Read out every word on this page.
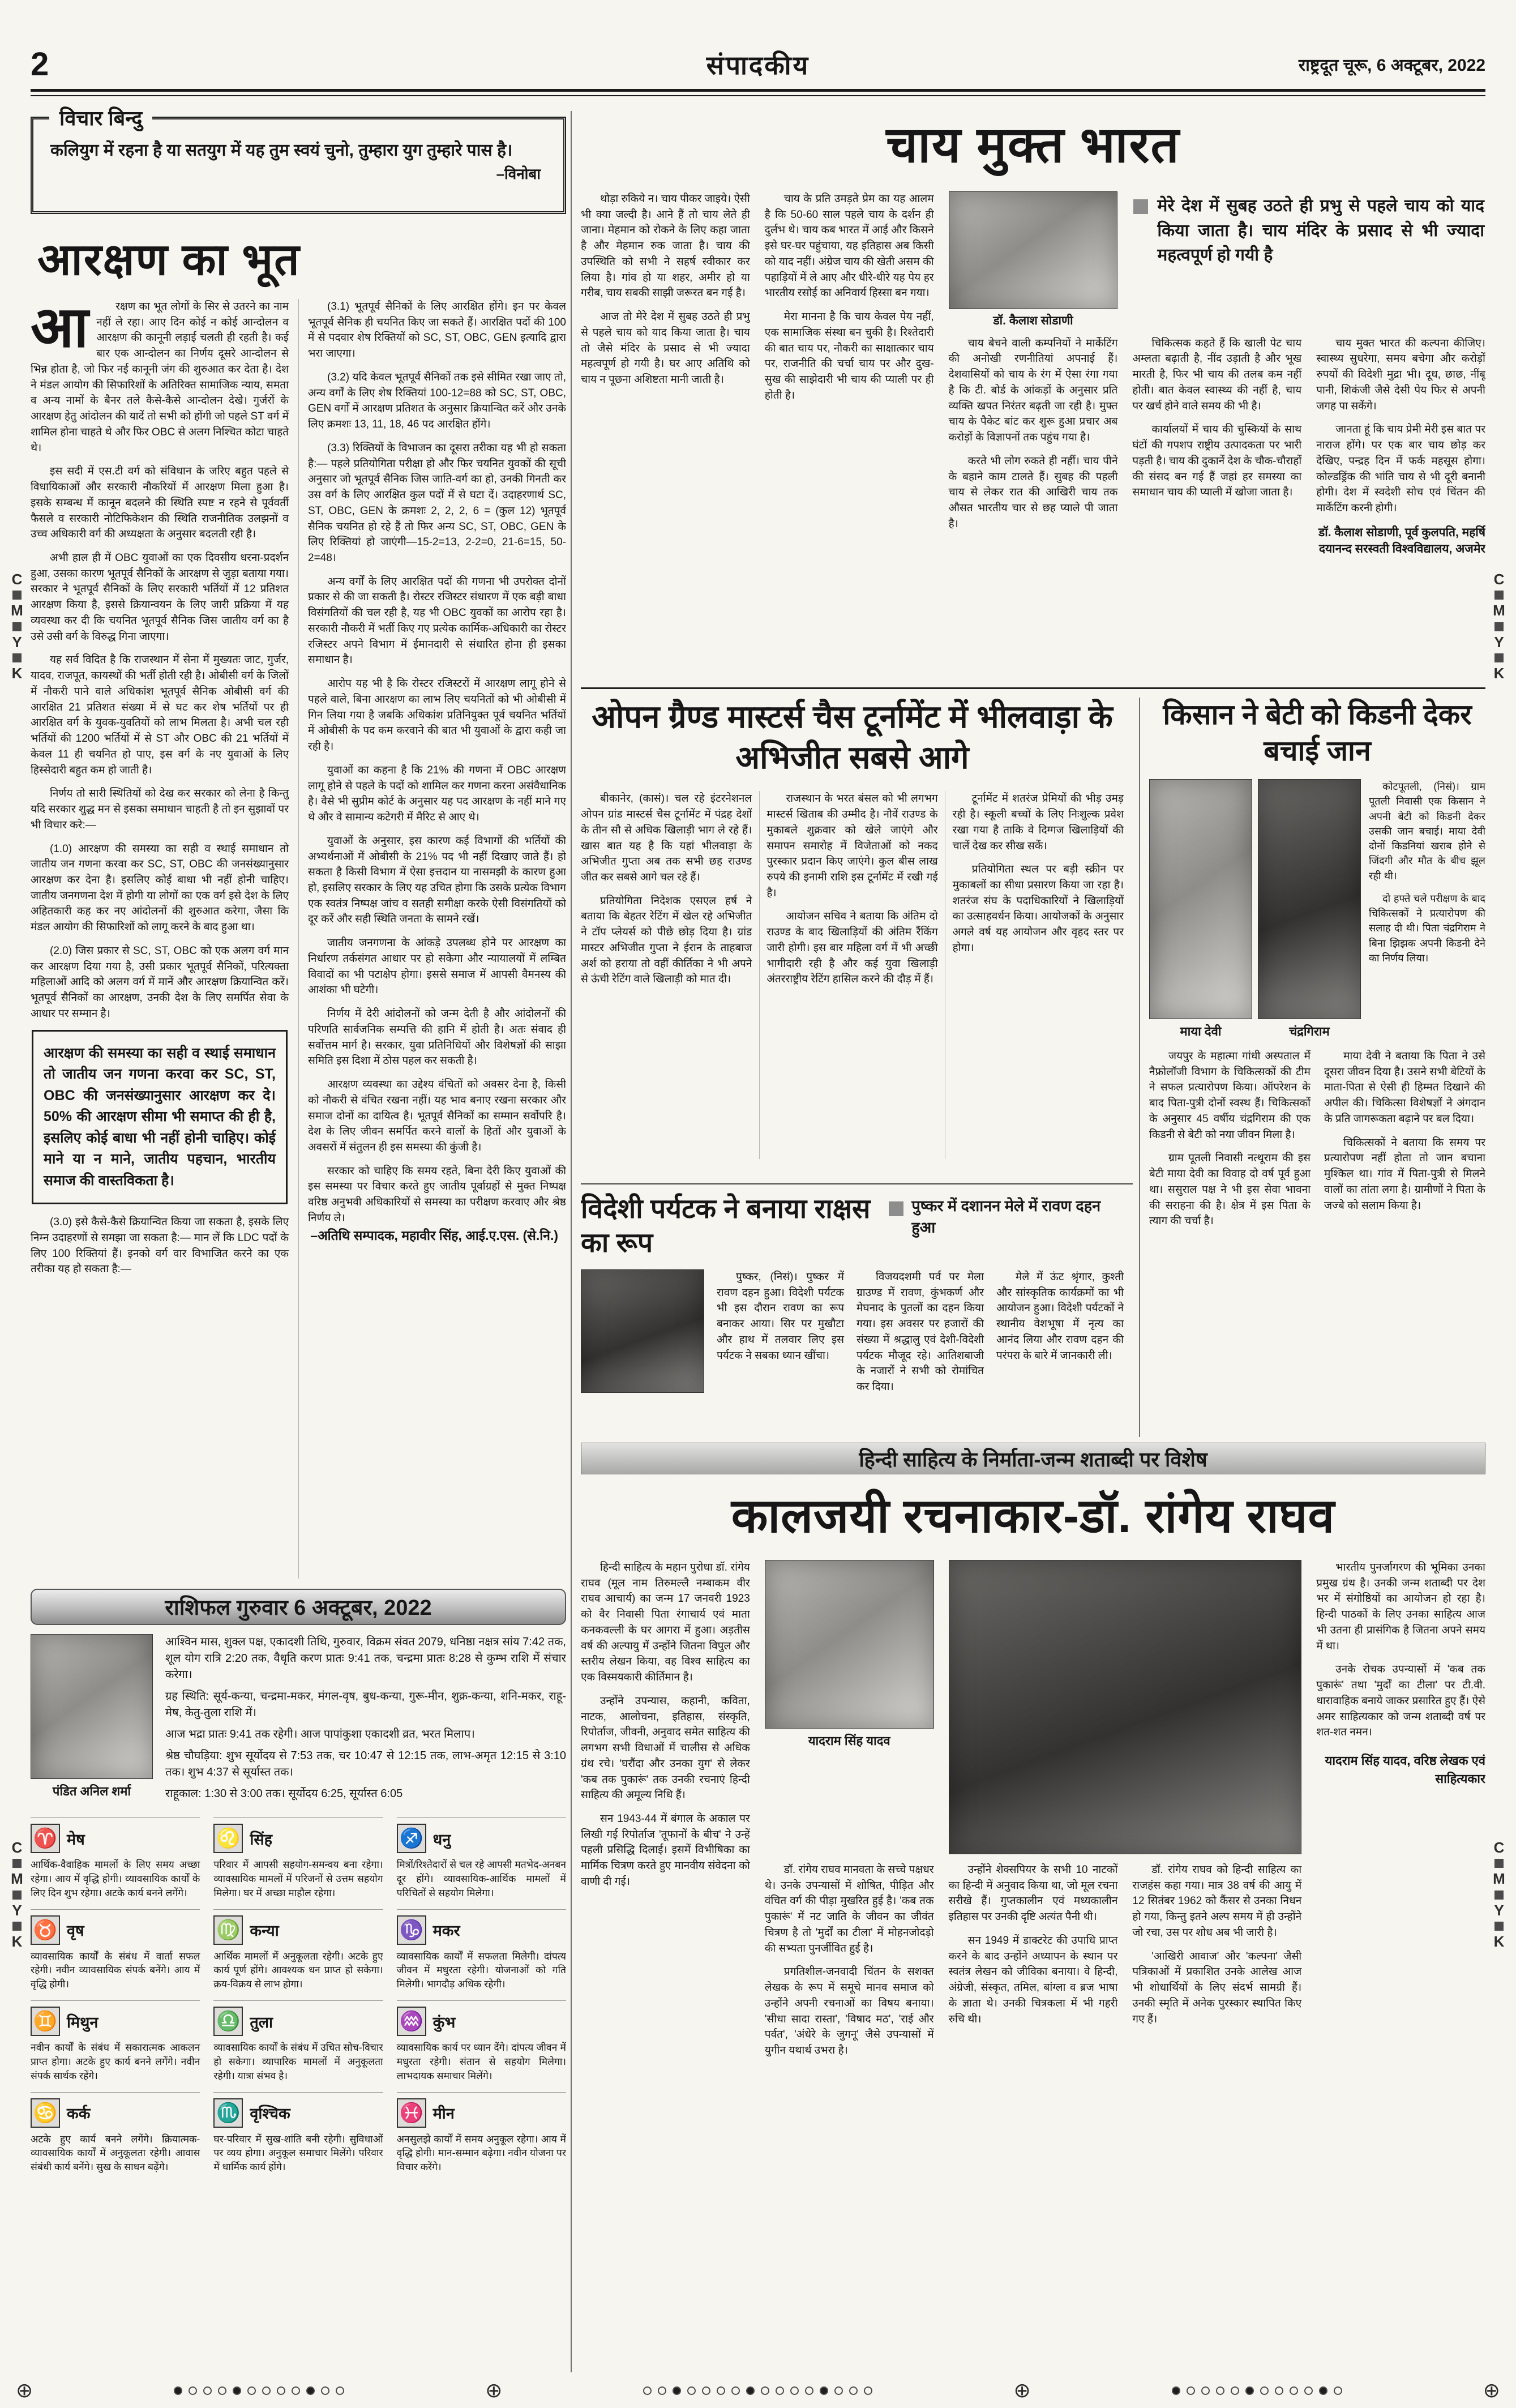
2	संपादकीय	राष्ट्रदूत चूरू, 6 अक्टूबर, 2022
विचार बिन्दु
कलियुग में रहना है या सतयुग में यह तुम स्वयं चुनो, तुम्हारा युग तुम्हारे पास है।
–विनोबा
आरक्षण का भूत
आ	रक्षण का भूत लोगों के सिर से उतरने का नाम नहीं ले रहा। आए दिन कोई न कोई आन्दोलन व आरक्षण की कानूनी लड़ाई चलती ही रहती है। कई बार एक आन्दोलन का निर्णय दूसरे आन्दोलन से भिन्न होता है, जो फिर नई कानूनी जंग की शुरुआत कर देता है। देश ने मंडल आयोग की सिफारिशों के अतिरिक्त सामाजिक न्याय, समता व अन्य नामों के बैनर तले कैसे-कैसे आन्दोलन देखे। गुर्जरों के आरक्षण हेतु आंदोलन की यादें तो सभी को होंगी जो पहले ST वर्ग में शामिल होना चाहते थे और फिर OBC से अलग निश्चित कोटा चाहते थे।

इस सदी में एस.टी वर्ग को संविधान के जरिए बहुत पहले से विधायिकाओं और सरकारी नौकरियों में आरक्षण मिला हुआ है। इसके सम्बन्ध में कानून बदलने की स्थिति स्पष्ट न रहने से पूर्ववर्ती फैसले व सरकारी नोटिफिकेशन की स्थिति राजनीतिक उलझनों व उच्च अधिकारी वर्ग की अध्यक्षता के अनुसार बदलती रही है।

अभी हाल ही में OBC युवाओं का एक दिवसीय धरना-प्रदर्शन हुआ, उसका कारण भूतपूर्व सैनिकों के आरक्षण से जुड़ा बताया गया। सरकार ने भूतपूर्व सैनिकों के लिए सरकारी भर्तियों में 12 प्रतिशत आरक्षण किया है, इससे क्रियान्वयन के लिए जारी प्रक्रिया में यह व्यवस्था कर दी कि चयनित भूतपूर्व सैनिक जिस जातीय वर्ग का है उसे उसी वर्ग के विरुद्ध गिना जाएगा।

यह सर्व विदित है कि राजस्थान में सेना में मुख्यतः जाट, गुर्जर, यादव, राजपूत, कायस्थों की भर्ती होती रही है। ओबीसी वर्ग के जिलों में नौकरी पाने वाले अधिकांश भूतपूर्व सैनिक ओबीसी वर्ग की आरक्षित 21 प्रतिशत संख्या में से घट कर शेष भर्तियों पर ही आरक्षित वर्ग के युवक-युवतियों को लाभ मिलता है। अभी चल रही भर्तियों की 1200 भर्तियों में से ST और OBC की 21 भर्तियों में केवल 11 ही चयनित हो पाए, इस वर्ग के नए युवाओं के लिए हिस्सेदारी बहुत कम हो जाती है।

निर्णय तो सारी स्थितियों को देख कर सरकार को लेना है किन्तु यदि सरकार शुद्ध मन से इसका समाधान चाहती है तो इन सुझावों पर भी विचार करे:—

(1.0) आरक्षण की समस्या का सही व स्थाई समाधान तो जातीय जन गणना करवा कर SC, ST, OBC की जनसंख्यानुसार आरक्षण कर देना है। इसलिए कोई बाधा भी नहीं होनी चाहिए। जातीय जनगणना देश में होगी या लोगों का एक वर्ग इसे देश के लिए अहितकारी कह कर नए आंदोलनों की शुरुआत करेगा, जैसा कि मंडल आयोग की सिफारिशों को लागू करने के बाद हुआ था।

(2.0) जिस प्रकार से SC, ST, OBC को एक अलग वर्ग मान कर आरक्षण दिया गया है, उसी प्रकार भूतपूर्व सैनिकों, परित्यक्ता महिलाओं आदि को अलग वर्ग में मानें और आरक्षण क्रियान्वित करें। भूतपूर्व सैनिकों का आरक्षण, उनकी देश के लिए समर्पित सेवा के आधार पर सम्मान है।

आरक्षण की समस्या का सही व स्थाई समाधान तो जातीय जन गणना करवा कर SC, ST, OBC की जनसंख्यानुसार आरक्षण कर दे। 50% की आरक्षण सीमा भी समाप्त की ही है, इसलिए कोई बाधा भी नहीं होनी चाहिए। कोई माने या न माने, जातीय पहचान, भारतीय समाज की वास्तविकता है।

(3.0) इसे कैसे-कैसे क्रियान्वित किया जा सकता है, इसके लिए निम्न उदाहरणों से समझा जा सकता है:— मान लें कि LDC पदों के लिए 100 रिक्तियां हैं। इनको वर्ग वार विभाजित करने का एक तरीका यह हो सकता है:—

(3.1) भूतपूर्व सैनिकों के लिए आरक्षित होंगे। इन पर केवल भूतपूर्व सैनिक ही चयनित किए जा सकते हैं। आरक्षित पदों की 100 में से पदवार शेष रिक्तियों को SC, ST, OBC, GEN इत्यादि द्वारा भरा जाएगा।

(3.2) यदि केवल भूतपूर्व सैनिकों तक इसे सीमित रखा जाए तो, अन्य वर्गों के लिए शेष रिक्तियां 100-12=88 को SC, ST, OBC, GEN वर्गों में आरक्षण प्रतिशत के अनुसार क्रियान्वित करें और उनके लिए क्रमशः 13, 11, 18, 46 पद आरक्षित होंगे।

(3.3) रिक्तियों के विभाजन का दूसरा तरीका यह भी हो सकता है:— पहले प्रतियोगिता परीक्षा हो और फिर चयनित युवकों की सूची अनुसार जो भूतपूर्व सैनिक जिस जाति-वर्ग का हो, उनकी गिनती कर उस वर्ग के लिए आरक्षित कुल पदों में से घटा दें। उदाहरणार्थ SC, ST, OBC, GEN के क्रमशः 2, 2, 2, 6 = (कुल 12) भूतपूर्व सैनिक चयनित हो रहे हैं तो फिर अन्य SC, ST, OBC, GEN के लिए रिक्तियां हो जाएंगी—15-2=13, 2-2=0, 21-6=15, 50-2=48।

अन्य वर्गों के लिए आरक्षित पदों की गणना भी उपरोक्त दोनों प्रकार से की जा सकती है। रोस्टर रजिस्टर संधारण में एक बड़ी बाधा विसंगतियों की चल रही है, यह भी OBC युवकों का आरोप रहा है। सरकारी नौकरी में भर्ती किए गए प्रत्येक कार्मिक-अधिकारी का रोस्टर रजिस्टर अपने विभाग में ईमानदारी से संधारित होना ही इसका समाधान है।

आरोप यह भी है कि रोस्टर रजिस्टरों में आरक्षण लागू होने से पहले वाले, बिना आरक्षण का लाभ लिए चयनितों को भी ओबीसी में गिन लिया गया है जबकि अधिकांश प्रतिनियुक्त पूर्व चयनित भर्तियों में ओबीसी के पद कम करवाने की बात भी युवाओं के द्वारा कही जा रही है।

युवाओं का कहना है कि 21% की गणना में OBC आरक्षण लागू होने से पहले के पदों को शामिल कर गणना करना असंवैधानिक है। वैसे भी सुप्रीम कोर्ट के अनुसार यह पद आरक्षण के नहीं माने गए थे और वे सामान्य कटेगरी में मैरिट से आए थे।

युवाओं के अनुसार, इस कारण कई विभागों की भर्तियों की अभ्यर्थनाओं में ओबीसी के 21% पद भी नहीं दिखाए जाते हैं। हो सकता है किसी विभाग में ऐसा इत्तदान या नासमझी के कारण हुआ हो, इसलिए सरकार के लिए यह उचित होगा कि उसके प्रत्येक विभाग एक स्वतंत्र निष्पक्ष जांच व सतही समीक्षा करके ऐसी विसंगतियों को दूर करें और सही स्थिति जनता के सामने रखें।

जातीय जनगणना के आंकड़े उपलब्ध होने पर आरक्षण का निर्धारण तर्कसंगत आधार पर हो सकेगा और न्यायालयों में लम्बित विवादों का भी पटाक्षेप होगा। इससे समाज में आपसी वैमनस्य की आशंका भी घटेगी।

निर्णय में देरी आंदोलनों को जन्म देती है और आंदोलनों की परिणति सार्वजनिक सम्पत्ति की हानि में होती है। अतः संवाद ही सर्वोत्तम मार्ग है। सरकार, युवा प्रतिनिधियों और विशेषज्ञों की साझा समिति इस दिशा में ठोस पहल कर सकती है।

आरक्षण व्यवस्था का उद्देश्य वंचितों को अवसर देना है, किसी को नौकरी से वंचित रखना नहीं। यह भाव बनाए रखना सरकार और समाज दोनों का दायित्व है। भूतपूर्व सैनिकों का सम्मान सर्वोपरि है। देश के लिए जीवन समर्पित करने वालों के हितों और युवाओं के अवसरों में संतुलन ही इस समस्या की कुंजी है।

सरकार को चाहिए कि समय रहते, बिना देरी किए युवाओं की इस समस्या पर विचार करते हुए जातीय पूर्वाग्रहों से मुक्त निष्पक्ष वरिष्ठ अनुभवी अधिकारियों से समस्या का परीक्षण करवाए और श्रेष्ठ निर्णय ले।

–अतिथि सम्पादक, महावीर सिंह, आई.ए.एस. (से.नि.)
राशिफल गुरुवार 6 अक्टूबर, 2022
पंडित अनिल शर्मा

आश्विन मास, शुक्ल पक्ष, एकादशी तिथि, गुरुवार, विक्रम संवत 2079, धनिष्ठा नक्षत्र सांय 7:42 तक, शूल योग रात्रि 2:20 तक, वैधृति करण प्रातः 9:41 तक, चन्द्रमा प्रातः 8:28 से कुम्भ राशि में संचार करेगा।

ग्रह स्थिति: सूर्य-कन्या, चन्द्रमा-मकर, मंगल-वृष, बुध-कन्या, गुरू-मीन, शुक्र-कन्या, शनि-मकर, राहू-मेष, केतु-तुला राशि में।

आज भद्रा प्रातः 9:41 तक रहेगी। आज पापांकुशा एकादशी व्रत, भरत मिलाप।

श्रेष्ठ चौघड़िया: शुभ सूर्योदय से 7:53 तक, चर 10:47 से 12:15 तक, लाभ-अमृत 12:15 से 3:10 तक। शुभ 4:37 से सूर्यास्त तक।

राहूकाल: 1:30 से 3:00 तक। सूर्योदय 6:25, सूर्यास्त 6:05

♈ मेष
आर्थिक-वैवाहिक मामलों के लिए समय अच्छा रहेगा। आय में वृद्धि होगी। व्यावसायिक कार्यों के लिए दिन शुभ रहेगा। अटके कार्य बनने लगेंगे।
♌ सिंह
परिवार में आपसी सहयोग-समन्वय बना रहेगा। व्यावसायिक मामलों में परिजनों से उत्तम सहयोग मिलेगा। घर में अच्छा माहौल रहेगा।
♐ धनु
मित्रों/रिश्तेदारों से चल रहे आपसी मतभेद-अनबन दूर होंगे। व्यावसायिक-आर्थिक मामलों में परिचितों से सहयोग मिलेगा।
♉ वृष
व्यावसायिक कार्यों के संबंध में वार्ता सफल रहेगी। नवीन व्यावसायिक संपर्क बनेंगे। आय में वृद्धि होगी।
♍ कन्या
आर्थिक मामलों में अनुकूलता रहेगी। अटके हुए कार्य पूर्ण होंगे। आवश्यक धन प्राप्त हो सकेगा। क्रय-विक्रय से लाभ होगा।
♑ मकर
व्यावसायिक कार्यों में सफलता मिलेगी। दांपत्य जीवन में मधुरता रहेगी। योजनाओं को गति मिलेगी। भागदौड़ अधिक रहेगी।
♊ मिथुन
नवीन कार्यों के संबंध में सकारात्मक आकलन प्राप्त होगा। अटके हुए कार्य बनने लगेंगे। नवीन संपर्क सार्थक रहेंगे।
♎ तुला
व्यावसायिक कार्यों के संबंध में उचित सोच-विचार हो सकेगा। व्यापारिक मामलों में अनुकूलता रहेगी। यात्रा संभव है।
♒ कुंभ
व्यावसायिक कार्य पर ध्यान देंगे। दांपत्य जीवन में मधुरता रहेगी। संतान से सहयोग मिलेगा। लाभदायक समाचार मिलेंगे।
♋ कर्क
अटके हुए कार्य बनने लगेंगे। क्रियात्मक-व्यावसायिक कार्यों में अनुकूलता रहेगी। आवास संबंधी कार्य बनेंगे। सुख के साधन बढ़ेंगे।
♏ वृश्चिक
घर-परिवार में सुख-शांति बनी रहेगी। सुविधाओं पर व्यय होगा। अनुकूल समाचार मिलेंगे। परिवार में धार्मिक कार्य होंगे।
♓ मीन
अनसुलझे कार्यों में समय अनुकूल रहेगा। आय में वृद्धि होगी। मान-सम्मान बढ़ेगा। नवीन योजना पर विचार करेंगे।
चाय मुक्त भारत

थोड़ा रुकिये न। चाय पीकर जाइये। ऐसी भी क्या जल्दी है। आने हैं तो चाय लेते ही जाना। मेहमान को रोकने के लिए कहा जाता है और मेहमान रुक जाता है। चाय की उपस्थिति को सभी ने सहर्ष स्वीकार कर लिया है। गांव हो या शहर, अमीर हो या गरीब, चाय सबकी साझी जरूरत बन गई है।

आज तो मेरे देश में सुबह उठते ही प्रभु से पहले चाय को याद किया जाता है। चाय तो जैसे मंदिर के प्रसाद से भी ज्यादा महत्वपूर्ण हो गयी है। घर आए अतिथि को चाय न पूछना अशिष्टता मानी जाती है।

चाय के प्रति उमड़ते प्रेम का यह आलम है कि 50-60 साल पहले चाय के दर्शन ही दुर्लभ थे। चाय कब भारत में आई और किसने इसे घर-घर पहुंचाया, यह इतिहास अब किसी को याद नहीं। अंग्रेज चाय की खेती असम की पहाड़ियों में ले आए और धीरे-धीरे यह पेय हर भारतीय रसोई का अनिवार्य हिस्सा बन गया।

मेरा मानना है कि चाय केवल पेय नहीं, एक सामाजिक संस्था बन चुकी है। रिश्तेदारी की बात चाय पर, नौकरी का साक्षात्कार चाय पर, राजनीति की चर्चा चाय पर और दुख-सुख की साझेदारी भी चाय की प्याली पर ही होती है।

डॉ. कैलाश सोडाणी

चाय बेचने वाली कम्पनियों ने मार्केटिंग की अनोखी रणनीतियां अपनाई हैं। देशवासियों को चाय के रंग में ऐसा रंगा गया है कि टी. बोर्ड के आंकड़ों के अनुसार प्रति व्यक्ति खपत निरंतर बढ़ती जा रही है। मुफ्त चाय के पैकेट बांट कर शुरू हुआ प्रचार अब करोड़ों के विज्ञापनों तक पहुंच गया है।

करते भी लोग रुकते ही नहीं। चाय पीने के बहाने काम टालते हैं। सुबह की पहली चाय से लेकर रात की आखिरी चाय तक औसत भारतीय चार से छह प्याले पी जाता है।

मेरे देश में सुबह उठते ही प्रभु से पहले चाय को याद किया जाता है। चाय मंदिर के प्रसाद से भी ज्यादा महत्वपूर्ण हो गयी है

चिकित्सक कहते हैं कि खाली पेट चाय अम्लता बढ़ाती है, नींद उड़ाती है और भूख मारती है, फिर भी चाय की तलब कम नहीं होती। बात केवल स्वास्थ्य की नहीं है, चाय पर खर्च होने वाले समय की भी है।

कार्यालयों में चाय की चुस्कियों के साथ घंटों की गपशप राष्ट्रीय उत्पादकता पर भारी पड़ती है। चाय की दुकानें देश के चौक-चौराहों की संसद बन गई हैं जहां हर समस्या का समाधान चाय की प्याली में खोजा जाता है।

चाय मुक्त भारत की कल्पना कीजिए। स्वास्थ्य सुधरेगा, समय बचेगा और करोड़ों रुपयों की विदेशी मुद्रा भी। दूध, छाछ, नींबू पानी, शिकंजी जैसे देसी पेय फिर से अपनी जगह पा सकेंगे।

जानता हूं कि चाय प्रेमी मेरी इस बात पर नाराज होंगे। पर एक बार चाय छोड़ कर देखिए, पन्द्रह दिन में फर्क महसूस होगा। कोल्डड्रिंक की भांति चाय से भी दूरी बनानी होगी। देश में स्वदेशी सोच एवं चिंतन की मार्केटिंग करनी होगी।

डॉ. कैलाश सोडाणी, पूर्व कुलपति, महर्षि दयानन्द सरस्वती विश्वविद्यालय, अजमेर
ओपन ग्रैण्ड मास्टर्स चैस टूर्नामेंट में भीलवाड़ा के अभिजीत सबसे आगे

बीकानेर, (कासं)। चल रहे इंटरनेशनल ओपन ग्रांड मास्टर्स चैस टूर्नामेंट में पंद्रह देशों के तीन सौ से अधिक खिलाड़ी भाग ले रहे हैं। खास बात यह है कि यहां भीलवाड़ा के अभिजीत गुप्ता अब तक सभी छह राउण्ड जीत कर सबसे आगे चल रहे हैं।

प्रतियोगिता निदेशक एसएल हर्ष ने बताया कि बेहतर रेटिंग में खेल रहे अभिजीत ने टॉप प्लेयर्स को पीछे छोड़ दिया है। ग्रांड मास्टर अभिजीत गुप्ता ने ईरान के ताहबाज अर्श को हराया तो वहीं कीर्तिका ने भी अपने से ऊंची रेटिंग वाले खिलाड़ी को मात दी।

राजस्थान के भरत बंसल को भी लगभग मास्टर्स खिताब की उम्मीद है। नौवें राउण्ड के मुकाबले शुक्रवार को खेले जाएंगे और समापन समारोह में विजेताओं को नकद पुरस्कार प्रदान किए जाएंगे। कुल बीस लाख रुपये की इनामी राशि इस टूर्नामेंट में रखी गई है।

आयोजन सचिव ने बताया कि अंतिम दो राउण्ड के बाद खिलाड़ियों की अंतिम रैंकिंग जारी होगी। इस बार महिला वर्ग में भी अच्छी भागीदारी रही है और कई युवा खिलाड़ी अंतरराष्ट्रीय रेटिंग हासिल करने की दौड़ में हैं।

टूर्नामेंट में शतरंज प्रेमियों की भीड़ उमड़ रही है। स्कूली बच्चों के लिए निःशुल्क प्रवेश रखा गया है ताकि वे दिग्गज खिलाड़ियों की चालें देख कर सीख सकें।

प्रतियोगिता स्थल पर बड़ी स्क्रीन पर मुकाबलों का सीधा प्रसारण किया जा रहा है। शतरंज संघ के पदाधिकारियों ने खिलाड़ियों का उत्साहवर्धन किया। आयोजकों के अनुसार अगले वर्ष यह आयोजन और वृहद स्तर पर होगा।

किसान ने बेटी को किडनी देकर बचाई जान
माया देवी	चंद्रगिराम

कोटपूतली, (निसं)। ग्राम पूतली निवासी एक किसान ने अपनी बेटी को किडनी देकर उसकी जान बचाई। माया देवी दोनों किडनियां खराब होने से जिंदगी और मौत के बीच झूल रही थी।

दो हफ्ते चले परीक्षण के बाद चिकित्सकों ने प्रत्यारोपण की सलाह दी थी। पिता चंद्रगिराम ने बिना झिझक अपनी किडनी देने का निर्णय लिया।

जयपुर के महात्मा गांधी अस्पताल में नैफ्रोलॉजी विभाग के चिकित्सकों की टीम ने सफल प्रत्यारोपण किया। ऑपरेशन के बाद पिता-पुत्री दोनों स्वस्थ हैं। चिकित्सकों के अनुसार 45 वर्षीय चंद्रगिराम की एक किडनी से बेटी को नया जीवन मिला है।

ग्राम पूतली निवासी नत्थूराम की इस बेटी माया देवी का विवाह दो वर्ष पूर्व हुआ था। ससुराल पक्ष ने भी इस सेवा भावना की सराहना की है। क्षेत्र में इस पिता के त्याग की चर्चा है।

माया देवी ने बताया कि पिता ने उसे दूसरा जीवन दिया है। उसने सभी बेटियों के माता-पिता से ऐसी ही हिम्मत दिखाने की अपील की। चिकित्सा विशेषज्ञों ने अंगदान के प्रति जागरूकता बढ़ाने पर बल दिया।

चिकित्सकों ने बताया कि समय पर प्रत्यारोपण नहीं होता तो जान बचाना मुश्किल था। गांव में पिता-पुत्री से मिलने वालों का तांता लगा है। ग्रामीणों ने पिता के जज्बे को सलाम किया है।

विदेशी पर्यटक ने बनाया राक्षस का रूप
पुष्कर में दशानन मेले में रावण दहन हुआ

पुष्कर, (निसं)। पुष्कर में रावण दहन हुआ। विदेशी पर्यटक भी इस दौरान रावण का रूप बनाकर आया। सिर पर मुखौटा और हाथ में तलवार लिए इस पर्यटक ने सबका ध्यान खींचा।

विजयदशमी पर्व पर मेला ग्राउण्ड में रावण, कुंभकर्ण और मेघनाद के पुतलों का दहन किया गया। इस अवसर पर हजारों की संख्या में श्रद्धालु एवं देशी-विदेशी पर्यटक मौजूद रहे। आतिशबाजी के नजारों ने सभी को रोमांचित कर दिया।

मेले में ऊंट श्रृंगार, कुश्ती और सांस्कृतिक कार्यक्रमों का भी आयोजन हुआ। विदेशी पर्यटकों ने स्थानीय वेशभूषा में नृत्य का आनंद लिया और रावण दहन की परंपरा के बारे में जानकारी ली।

हिन्दी साहित्य के निर्माता-जन्म शताब्दी पर विशेष
कालजयी रचनाकार-डॉ. रांगेय राघव

हिन्दी साहित्य के महान पुरोधा डॉ. रांगेय राघव (मूल नाम तिरुमल्लै नम्बाकम वीर राघव आचार्य) का जन्म 17 जनवरी 1923 को वैर निवासी पिता रंगाचार्य एवं माता कनकवल्ली के घर आगरा में हुआ। अड़तीस वर्ष की अल्पायु में उन्होंने जितना विपुल और स्तरीय लेखन किया, वह विश्व साहित्य का एक विस्मयकारी कीर्तिमान है।

उन्होंने उपन्यास, कहानी, कविता, नाटक, आलोचना, इतिहास, संस्कृति, रिपोर्ताज, जीवनी, अनुवाद समेत साहित्य की लगभग सभी विधाओं में चालीस से अधिक ग्रंथ रचे। 'घरौंदा और उनका युग' से लेकर 'कब तक पुकारूं' तक उनकी रचनाएं हिन्दी साहित्य की अमूल्य निधि हैं।

सन 1943-44 में बंगाल के अकाल पर लिखी गई रिपोर्ताज 'तूफानों के बीच' ने उन्हें पहली प्रसिद्धि दिलाई। इसमें विभीषिका का मार्मिक चित्रण करते हुए मानवीय संवेदना को वाणी दी गई।

यादराम सिंह यादव

डॉ. रांगेय राघव मानवता के सच्चे पक्षधर थे। उनके उपन्यासों में शोषित, पीड़ित और वंचित वर्ग की पीड़ा मुखरित हुई है। 'कब तक पुकारूं' में नट जाति के जीवन का जीवंत चित्रण है तो 'मुर्दों का टीला' में मोहनजोदड़ो की सभ्यता पुनर्जीवित हुई है।

प्रगतिशील-जनवादी चिंतन के सशक्त लेखक के रूप में समूचे मानव समाज को उन्होंने अपनी रचनाओं का विषय बनाया। 'सीधा सादा रास्ता', 'विषाद मठ', 'राई और पर्वत', 'अंधेरे के जुगनू' जैसे उपन्यासों में युगीन यथार्थ उभरा है।

उन्होंने शेक्सपियर के सभी 10 नाटकों का हिन्दी में अनुवाद किया था, जो मूल रचना सरीखे हैं। गुप्तकालीन एवं मध्यकालीन इतिहास पर उनकी दृष्टि अत्यंत पैनी थी।

सन 1949 में डाक्टरेट की उपाधि प्राप्त करने के बाद उन्होंने अध्यापन के स्थान पर स्वतंत्र लेखन को जीविका बनाया। वे हिन्दी, अंग्रेजी, संस्कृत, तमिल, बांग्ला व ब्रज भाषा के ज्ञाता थे। उनकी चित्रकला में भी गहरी रुचि थी।

डॉ. रांगेय राघव को हिन्दी साहित्य का राजहंस कहा गया। मात्र 38 वर्ष की आयु में 12 सितंबर 1962 को कैंसर से उनका निधन हो गया, किन्तु इतने अल्प समय में ही उन्होंने जो रचा, उस पर शोध अब भी जारी है।

'आखिरी आवाज' और 'कल्पना' जैसी पत्रिकाओं में प्रकाशित उनके आलेख आज भी शोधार्थियों के लिए संदर्भ सामग्री हैं। उनकी स्मृति में अनेक पुरस्कार स्थापित किए गए हैं।

भारतीय पुनर्जागरण की भूमिका उनका प्रमुख ग्रंथ है। उनकी जन्म शताब्दी पर देश भर में संगोष्ठियों का आयोजन हो रहा है। हिन्दी पाठकों के लिए उनका साहित्य आज भी उतना ही प्रासंगिक है जितना अपने समय में था।

उनके रोचक उपन्यासों में 'कब तक पुकारूं' तथा 'मुर्दों का टीला' पर टी.वी. धारावाहिक बनाये जाकर प्रसारित हुए हैं। ऐसे अमर साहित्यकार को जन्म शताब्दी वर्ष पर शत-शत नमन।

यादराम सिंह यादव, वरिष्ठ लेखक एवं साहित्यकार
C
M
Y
K
C
M
Y
K
C
M
Y
K
C
M
Y
K
⊕	⊕	⊕	⊕
